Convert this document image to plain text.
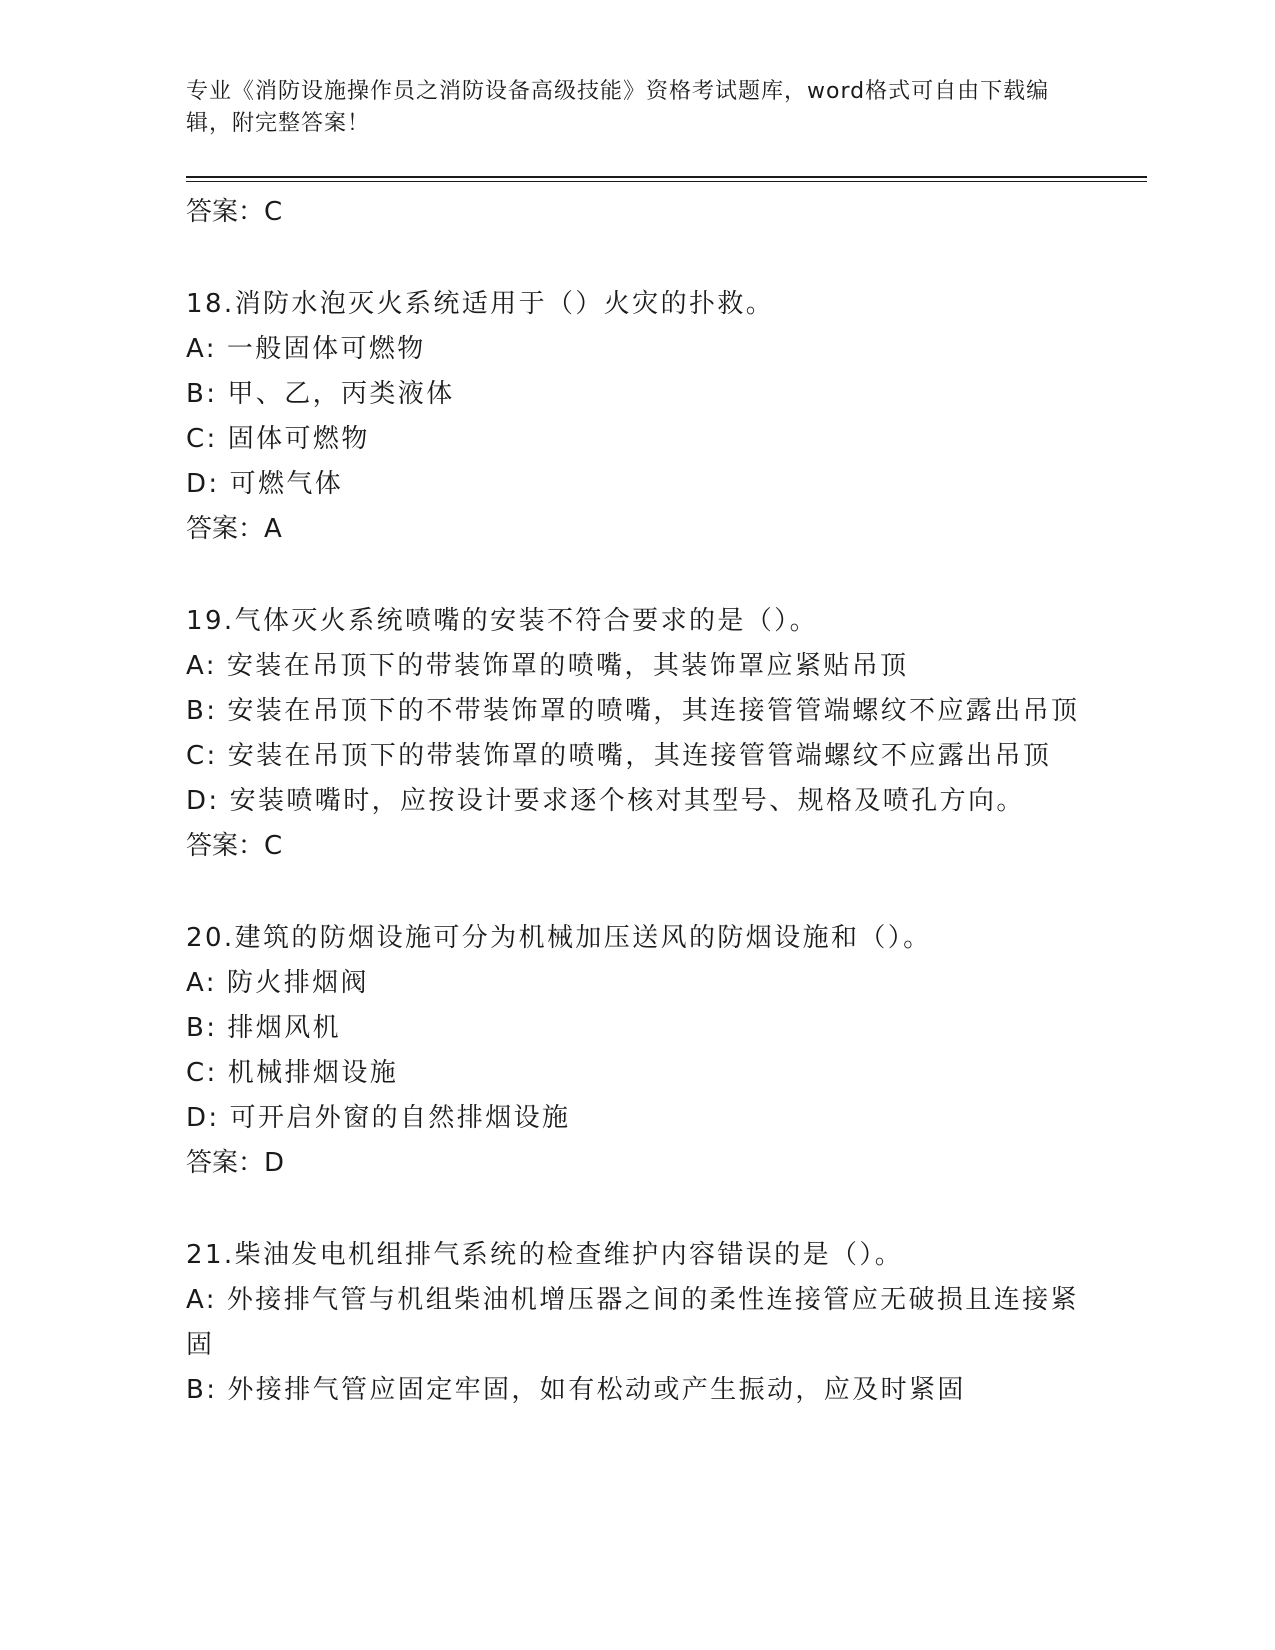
专业《消防设施操作员之消防设备高级技能》资格考试题库，word格式可自由下载编辑，附完整答案！
答案：C
18.消防水泡灭火系统适用于（）火灾的扑救。
A: 一般固体可燃物
B: 甲、乙，丙类液体
C: 固体可燃物
D: 可燃气体
答案：A
19.气体灭火系统喷嘴的安装不符合要求的是（）。
A: 安装在吊顶下的带装饰罩的喷嘴，其装饰罩应紧贴吊顶
B: 安装在吊顶下的不带装饰罩的喷嘴，其连接管管端螺纹不应露出吊顶
C: 安装在吊顶下的带装饰罩的喷嘴，其连接管管端螺纹不应露出吊顶
D: 安装喷嘴时，应按设计要求逐个核对其型号、规格及喷孔方向。
答案：C
20.建筑的防烟设施可分为机械加压送风的防烟设施和（）。
A: 防火排烟阀
B: 排烟风机
C: 机械排烟设施
D: 可开启外窗的自然排烟设施
答案：D
21.柴油发电机组排气系统的检查维护内容错误的是（）。
A: 外接排气管与机组柴油机增压器之间的柔性连接管应无破损且连接紧固
B: 外接排气管应固定牢固，如有松动或产生振动，应及时紧固
